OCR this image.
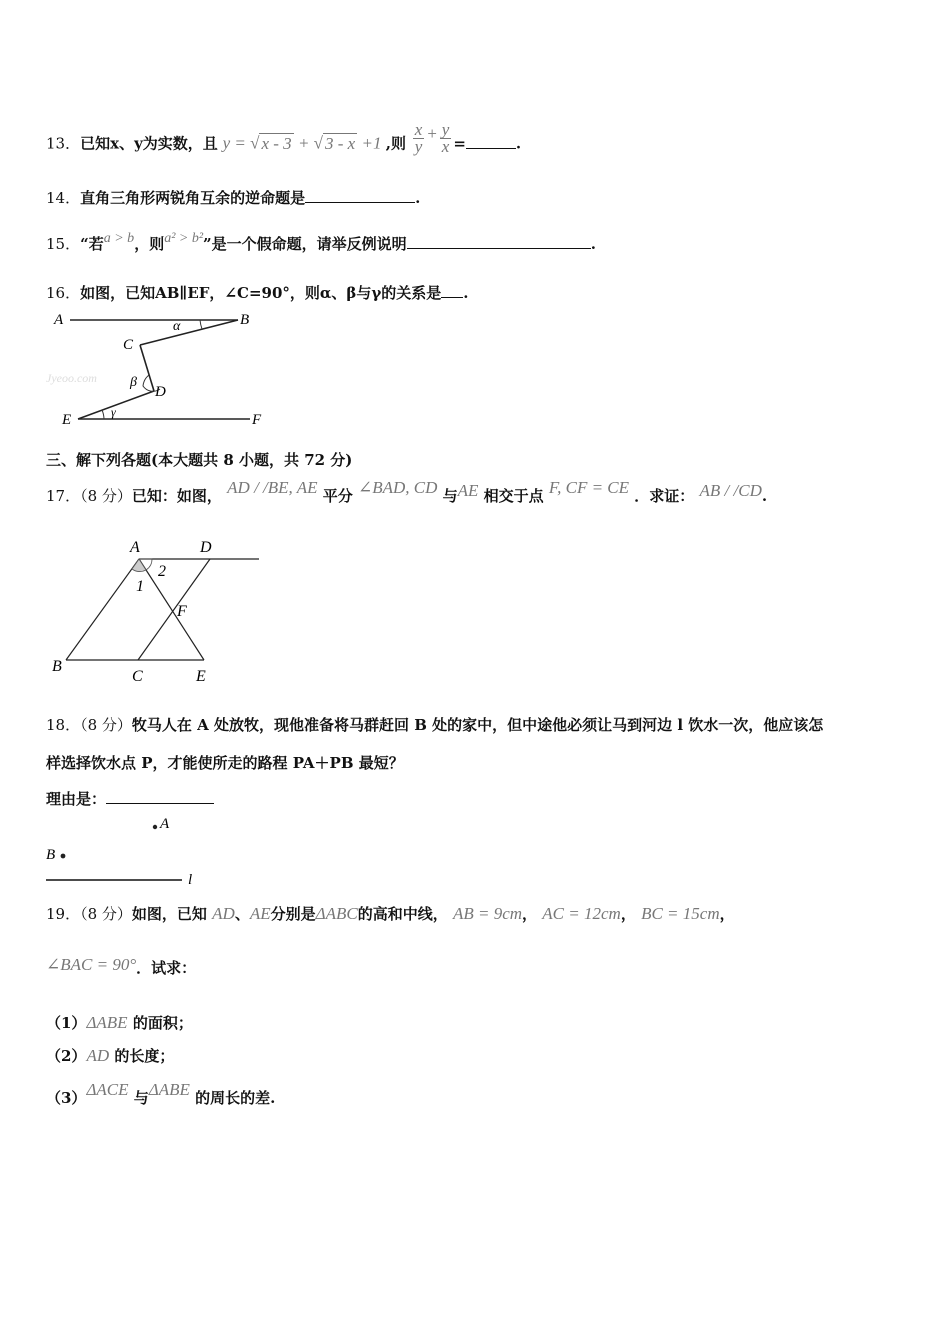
13．已知x、y为实数，且 y = √ x - 3 + √ 3 - x +1 ,则 $\frac{x}{y} + \frac{y}{x}$ =	.
14．直角三角形两锐角互余的逆命题是	.
15．“若a > b，则a² > b²”是一个假命题，请举反例说明	.
16．如图，已知AB∥EF，∠C=90°，则α、β与γ的关系是 .
Jyeoo.com
A	B
C
D
E	F
α
β
γ
三、解下列各题(本大题共 8 小题，共 72 分)
17．（8 分）已知：如图， AD / /BE, AE 平分 ∠BAD, CD 与AE 相交于点 F, CF = CE ．求证： AB / /CD.
A	D
1
2
F
B
C	E
18．（8 分）牧马人在 A 处放牧，现他准备将马群赶回 B 处的家中，但中途他必须让马到河边 l 饮水一次，他应该怎
样选择饮水点 P，才能使所走的路程 PA＋PB 最短？
理由是：
A
B
l
19．（8 分）如图，已知 AD、AE分别是ΔABC的高和中线， AB = 9cm， AC = 12cm， BC = 15cm，
∠BAC = 90°．试求：
（1）ΔABE 的面积；
（2）AD 的长度；
（3）ΔACE 与ΔABE 的周长的差.
